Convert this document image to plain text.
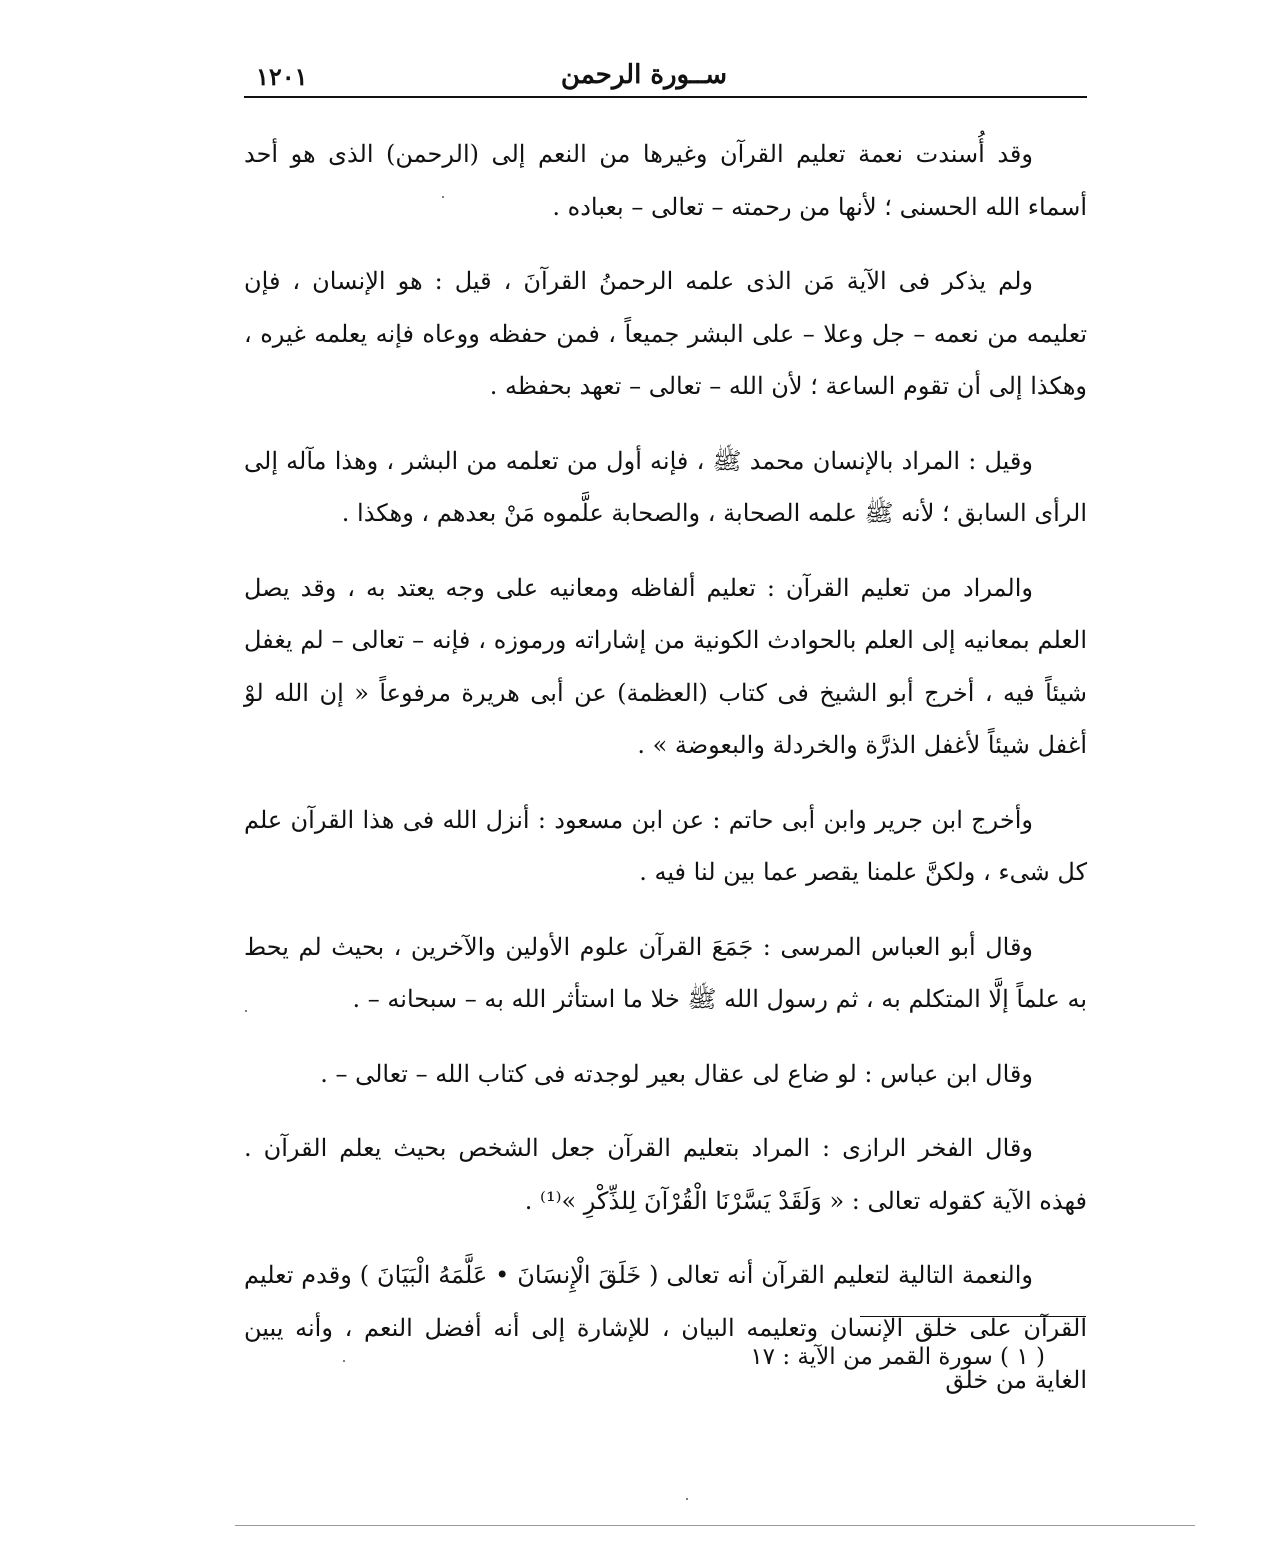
ســورة الرحمن
١٢٠١

وقد أُسندت نعمة تعليم القرآن وغيرها من النعم إلى (الرحمن) الذى هو أحد أسماء الله الحسنى ؛ لأنها من رحمته – تعالى – بعباده .

ولم يذكر فى الآية مَن الذى علمه الرحمنُ القرآنَ ، قيل : هو الإنسان ، فإن تعليمه من نعمه – جل وعلا – على البشر جميعاً ، فمن حفظه ووعاه فإنه يعلمه غيره ، وهكذا إلى أن تقوم الساعة ؛ لأن الله – تعالى – تعهد بحفظه .

وقيل : المراد بالإنسان محمد ﷺ ، فإنه أول من تعلمه من البشر ، وهذا مآله إلى الرأى السابق ؛ لأنه ﷺ علمه الصحابة ، والصحابة علَّموه مَنْ بعدهم ، وهكذا .

والمراد من تعليم القرآن : تعليم ألفاظه ومعانيه على وجه يعتد به ، وقد يصل العلم بمعانيه إلى العلم بالحوادث الكونية من إشاراته ورموزه ، فإنه – تعالى – لم يغفل شيئاً فيه ، أخرج أبو الشيخ فى كتاب (العظمة) عن أبى هريرة مرفوعاً « إن الله لوْ أغفل شيئاً لأغفل الذرَّة والخردلة والبعوضة » .

وأخرج ابن جرير وابن أبى حاتم : عن ابن مسعود : أنزل الله فى هذا القرآن علم كل شىء ، ولكنَّ علمنا يقصر عما بين لنا فيه .

وقال أبو العباس المرسى : جَمَعَ القرآن علوم الأولين والآخرين ، بحيث لم يحط به علماً إلَّا المتكلم به ، ثم رسول الله ﷺ خلا ما استأثر الله به – سبحانه – .

وقال ابن عباس : لو ضاع لى عقال بعير لوجدته فى كتاب الله – تعالى – .

وقال الفخر الرازى : المراد بتعليم القرآن جعل الشخص بحيث يعلم القرآن . فهذه الآية كقوله تعالى : « وَلَقَدْ يَسَّرْنَا الْقُرْآنَ لِلذِّكْرِ »⁽¹⁾ .

والنعمة التالية لتعليم القرآن أنه تعالى ( خَلَقَ الْإِنسَانَ • عَلَّمَهُ الْبَيَانَ ) وقدم تعليم القرآن على خلق الإنسان وتعليمه البيان ، للإشارة إلى أنه أفضل النعم ، وأنه يبين الغاية من خلق

( ١ ) سورة القمر من الآية : ١٧
